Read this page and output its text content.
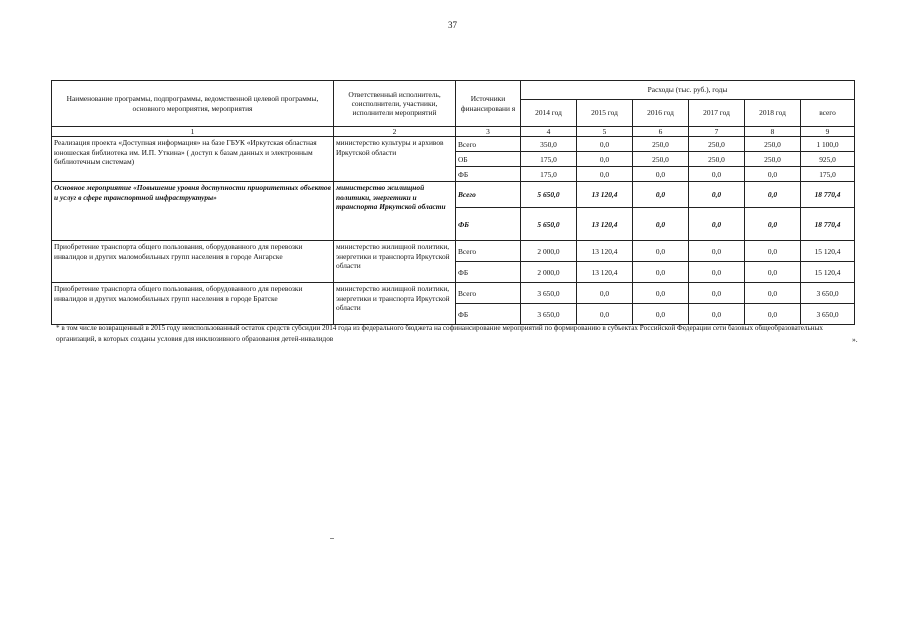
37
Наименование программы, подпрограммы, ведомственной целевой программы, основного мероприятия, мероприятия	Ответственный исполнитель, соисполнители, участники, исполнители мероприятий	Источники финансировани я	Расходы (тыс. руб.), годы					
			2014 год	2015 год	2016 год	2017 год	2018 год	всего
1	2	3	4	5	6	7	8	9
Реализация проекта «Доступная информация» на базе ГБУК «Иркутская областная юношеская библиотека им. И.П. Уткина» ( доступ к базам данных и электронным библиотечным системам)	министерство культуры и архивов Иркутской области	Всего	350,0	0,0	250,0	250,0	250,0	1 100,0
		ОБ	175,0	0,0	250,0	250,0	250,0	925,0
		ФБ	175,0	0,0	0,0	0,0	0,0	175,0
Основное мероприятие «Повышение уровня доступности приоритетных объектов и услуг в сфере транспортной инфраструктуры»	министерство жилищной политики, энергетики и транспорта Иркутской области	Всего	5 650,0	13 120,4	0,0	0,0	0,0	18 770,4
		ФБ	5 650,0	13 120,4	0,0	0,0	0,0	18 770,4
Приобретение транспорта общего пользования, оборудованного для перевозки инвалидов и других маломобильных групп населения в городе Ангарске	министерство жилищной политики, энергетики и транспорта Иркутской области	Всего	2 000,0	13 120,4	0,0	0,0	0,0	15 120,4
		ФБ	2 000,0	13 120,4	0,0	0,0	0,0	15 120,4
Приобретение транспорта общего пользования, оборудованного для перевозки инвалидов и других маломобильных групп населения в городе Братске	министерство жилищной политики, энергетики и транспорта Иркутской области	Всего	3 650,0	0,0	0,0	0,0	0,0	3 650,0
		ФБ	3 650,0	0,0	0,0	0,0	0,0	3 650,0
* в том числе возвращенный в 2015 году неиспользованный остаток средств субсидии 2014 года из федерального бюджета на софинансирование мероприятий по формированию в субъектах Российской Федерации сети базовых общеобразовательных организаций, в которых созданы условия для инклюзивного образования детей-инвалидов	».
